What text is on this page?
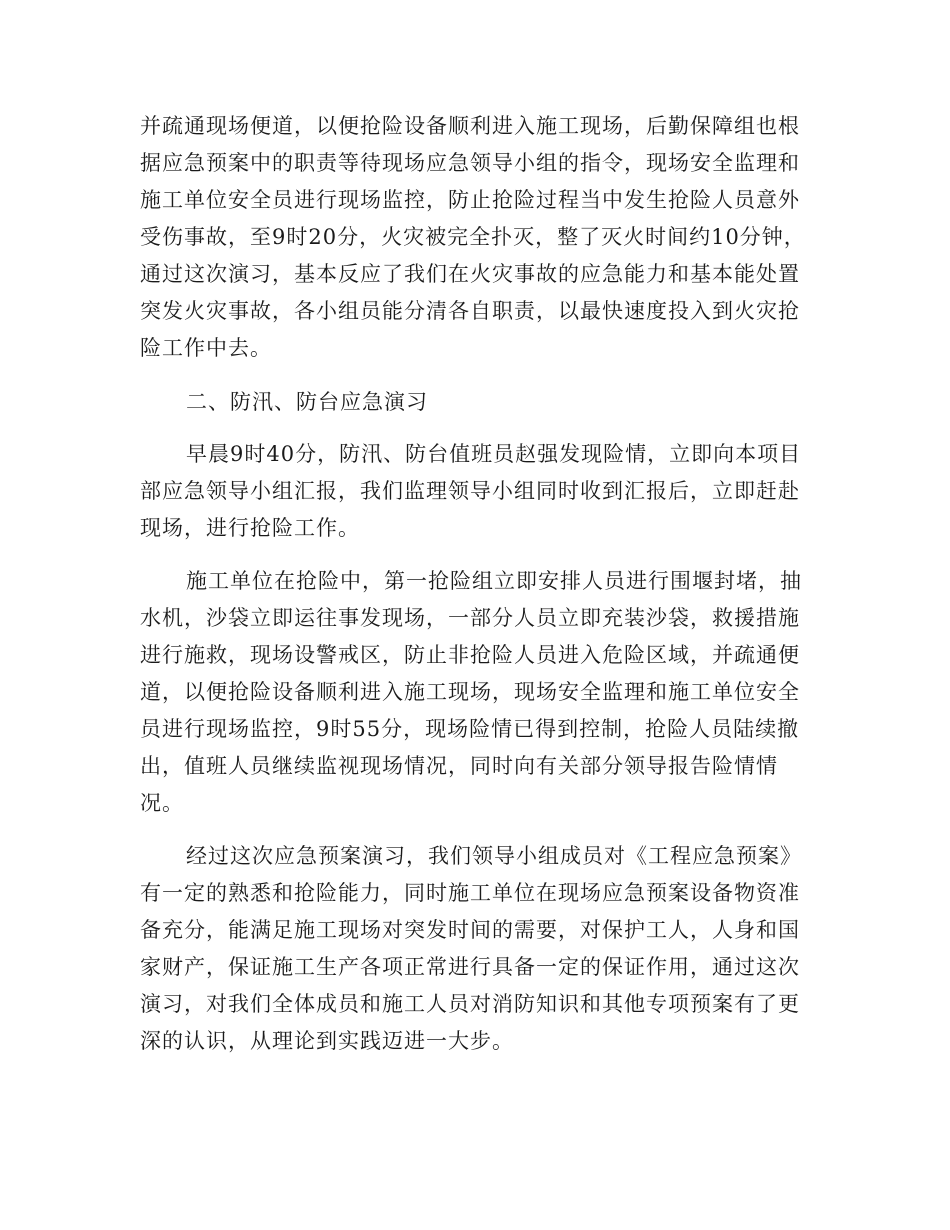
并疏通现场便道，以便抢险设备顺利进入施工现场，后勤保障组也根

据应急预案中的职责等待现场应急领导小组的指令，现场安全监理和

施工单位安全员进行现场监控，防止抢险过程当中发生抢险人员意外

受伤事故，至9时20分，火灾被完全扑灭，整了灭火时间约10分钟，

通过这次演习，基本反应了我们在火灾事故的应急能力和基本能处置

突发火灾事故，各小组员能分清各自职责，以最快速度投入到火灾抢

险工作中去。

二、防汛、防台应急演习

早晨9时40分，防汛、防台值班员赵强发现险情，立即向本项目

部应急领导小组汇报，我们监理领导小组同时收到汇报后，立即赶赴

现场，进行抢险工作。

施工单位在抢险中，第一抢险组立即安排人员进行围堰封堵，抽

水机，沙袋立即运往事发现场，一部分人员立即充装沙袋，救援措施

进行施救，现场设警戒区，防止非抢险人员进入危险区域，并疏通便

道，以便抢险设备顺利进入施工现场，现场安全监理和施工单位安全

员进行现场监控，9时55分，现场险情已得到控制，抢险人员陆续撤

出，值班人员继续监视现场情况，同时向有关部分领导报告险情情

况。

经过这次应急预案演习，我们领导小组成员对《工程应急预案》

有一定的熟悉和抢险能力，同时施工单位在现场应急预案设备物资准

备充分，能满足施工现场对突发时间的需要，对保护工人，人身和国

家财产，保证施工生产各项正常进行具备一定的保证作用，通过这次

演习，对我们全体成员和施工人员对消防知识和其他专项预案有了更

深的认识，从理论到实践迈进一大步。
